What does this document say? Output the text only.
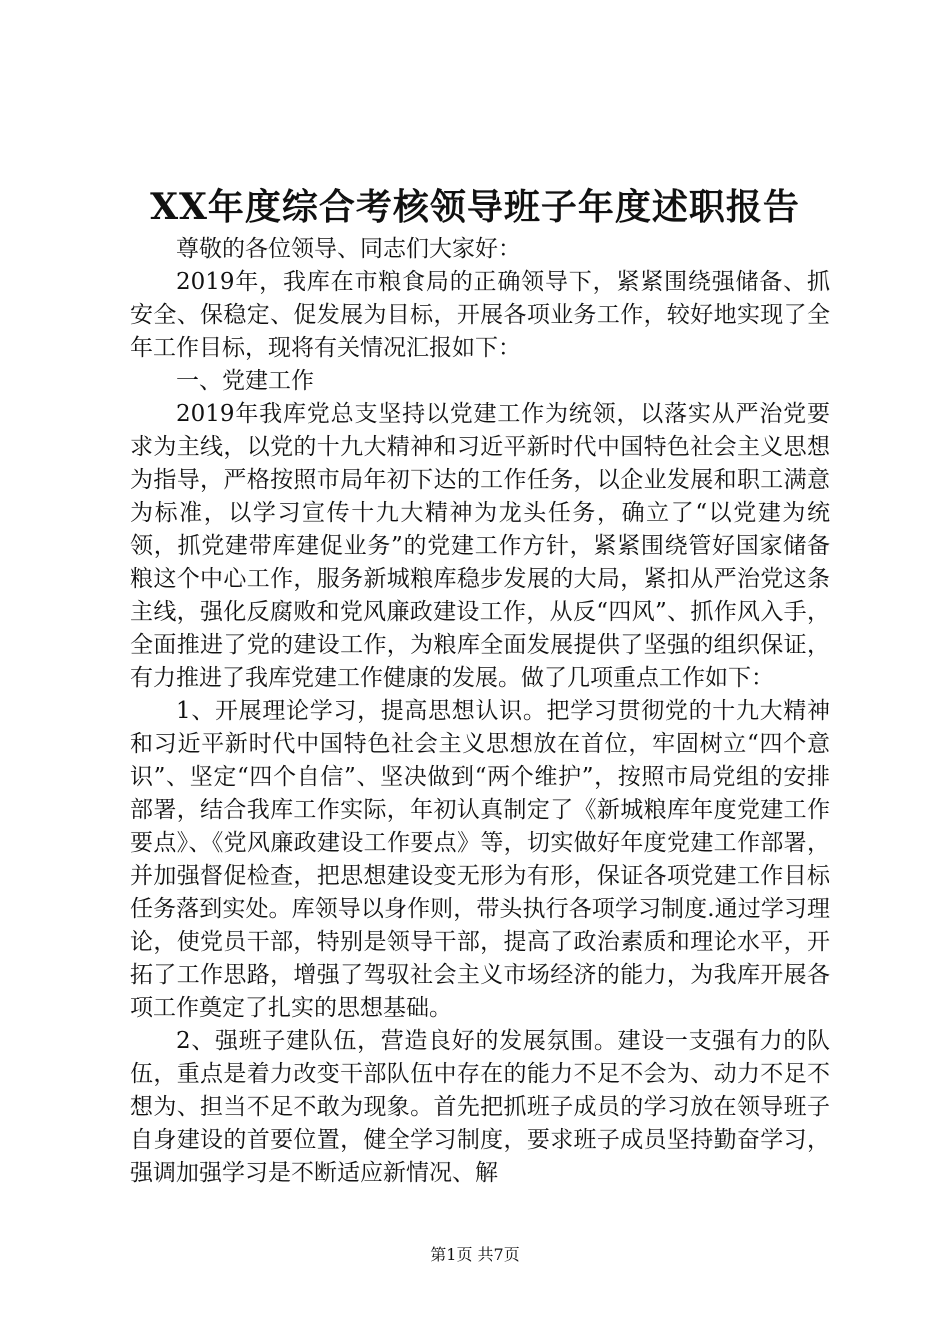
XX年度综合考核领导班子年度述职报告

尊敬的各位领导、同志们大家好：

2019年，我库在市粮食局的正确领导下，紧紧围绕强储备、抓安全、保稳定、促发展为目标，开展各项业务工作，较好地实现了全年工作目标，现将有关情况汇报如下：

一、党建工作

2019年我库党总支坚持以党建工作为统领，以落实从严治党要求为主线，以党的十九大精神和习近平新时代中国特色社会主义思想为指导，严格按照市局年初下达的工作任务，以企业发展和职工满意为标准，以学习宣传十九大精神为龙头任务，确立了“以党建为统领，抓党建带库建促业务”的党建工作方针，紧紧围绕管好国家储备粮这个中心工作，服务新城粮库稳步发展的大局，紧扣从严治党这条主线，强化反腐败和党风廉政建设工作，从反“四风”、抓作风入手，全面推进了党的建设工作，为粮库全面发展提供了坚强的组织保证，有力推进了我库党建工作健康的发展。做了几项重点工作如下：

1、开展理论学习，提高思想认识。把学习贯彻党的十九大精神和习近平新时代中国特色社会主义思想放在首位，牢固树立“四个意识”、坚定“四个自信”、坚决做到“两个维护”，按照市局党组的安排部署，结合我库工作实际，年初认真制定了《新城粮库年度党建工作要点》、《党风廉政建设工作要点》等，切实做好年度党建工作部署，并加强督促检查，把思想建设变无形为有形，保证各项党建工作目标任务落到实处。库领导以身作则，带头执行各项学习制度.通过学习理论，使党员干部，特别是领导干部，提高了政治素质和理论水平，开拓了工作思路，增强了驾驭社会主义市场经济的能力，为我库开展各项工作奠定了扎实的思想基础。

2、强班子建队伍，营造良好的发展氛围。建设一支强有力的队伍，重点是着力改变干部队伍中存在的能力不足不会为、动力不足不想为、担当不足不敢为现象。首先把抓班子成员的学习放在领导班子自身建设的首要位置，健全学习制度，要求班子成员坚持勤奋学习，强调加强学习是不断适应新情况、解

第1页 共7页
